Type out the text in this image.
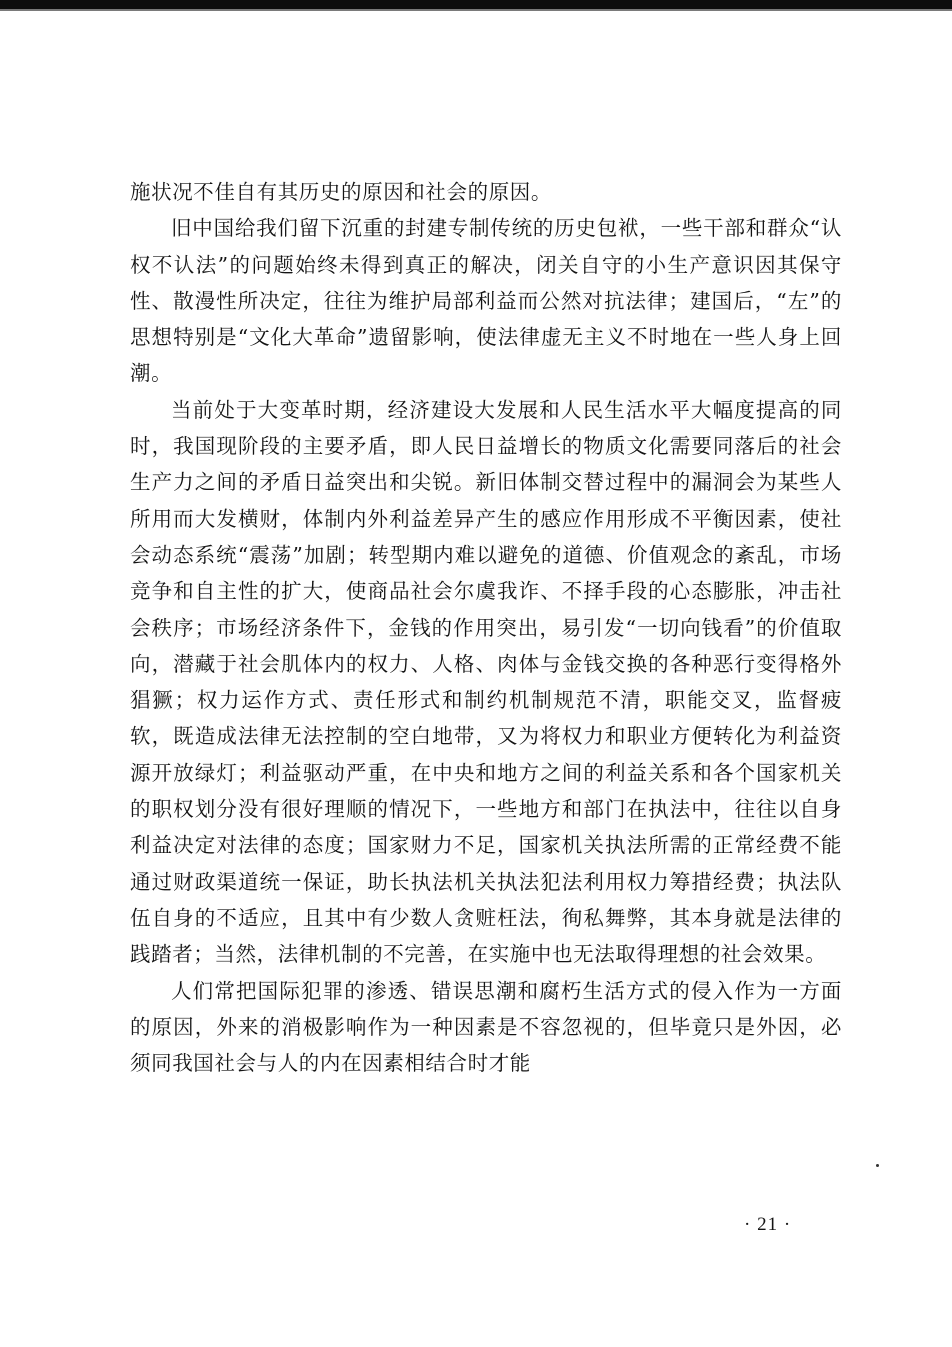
施状况不佳自有其历史的原因和社会的原因。

旧中国给我们留下沉重的封建专制传统的历史包袱，一些干部和群众“认权不认法”的问题始终未得到真正的解决，闭关自守的小生产意识因其保守性、散漫性所决定，往往为维护局部利益而公然对抗法律；建国后，“左”的思想特别是“文化大革命”遗留影响，使法律虚无主义不时地在一些人身上回潮。

当前处于大变革时期，经济建设大发展和人民生活水平大幅度提高的同时，我国现阶段的主要矛盾，即人民日益增长的物质文化需要同落后的社会生产力之间的矛盾日益突出和尖锐。新旧体制交替过程中的漏洞会为某些人所用而大发横财，体制内外利益差异产生的感应作用形成不平衡因素，使社会动态系统“震荡”加剧；转型期内难以避免的道德、价值观念的紊乱，市场竞争和自主性的扩大，使商品社会尔虞我诈、不择手段的心态膨胀，冲击社会秩序；市场经济条件下，金钱的作用突出，易引发“一切向钱看”的价值取向，潜藏于社会肌体内的权力、人格、肉体与金钱交换的各种恶行变得格外猖獗；权力运作方式、责任形式和制约机制规范不清，职能交叉，监督疲软，既造成法律无法控制的空白地带，又为将权力和职业方便转化为利益资源开放绿灯；利益驱动严重，在中央和地方之间的利益关系和各个国家机关的职权划分没有很好理顺的情况下，一些地方和部门在执法中，往往以自身利益决定对法律的态度；国家财力不足，国家机关执法所需的正常经费不能通过财政渠道统一保证，助长执法机关执法犯法利用权力筹措经费；执法队伍自身的不适应，且其中有少数人贪赃枉法，徇私舞弊，其本身就是法律的践踏者；当然，法律机制的不完善，在实施中也无法取得理想的社会效果。

人们常把国际犯罪的渗透、错误思潮和腐朽生活方式的侵入作为一方面的原因，外来的消极影响作为一种因素是不容忽视的，但毕竟只是外因，必须同我国社会与人的内在因素相结合时才能

· 21 ·
